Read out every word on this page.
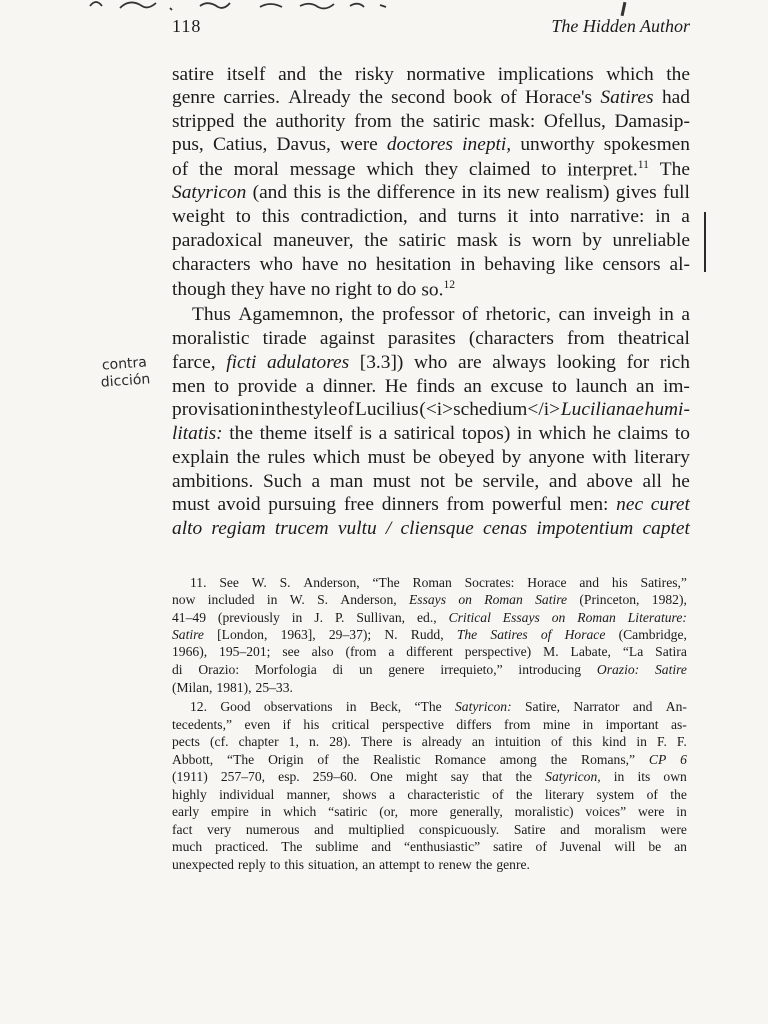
118	The Hidden Author
contra
dicción
satire itself and the risky normative implications which the
genre carries. Already the second book of Horace's Satires had
stripped the authority from the satiric mask: Ofellus, Damasip-
pus, Catius, Davus, were doctores inepti, unworthy spokesmen
of the moral message which they claimed to interpret.$^{11}$ The
Satyricon (and this is the difference in its new realism) gives full
weight to this contradiction, and turns it into narrative: in a
paradoxical maneuver, the satiric mask is worn by unreliable
characters who have no hesitation in behaving like censors al-
though they have no right to do so.$^{12}$
Thus Agamemnon, the professor of rhetoric, can inveigh in a
moralistic tirade against parasites (characters from theatrical
farce, ficti adulatores [3.3]) who are always looking for rich
men to provide a dinner. He finds an excuse to launch an im-
provisation in the style of Lucilius (<i>schedium</i> Lucilianae humi-
litatis: the theme itself is a satirical topos) in which he claims to
explain the rules which must be obeyed by anyone with literary
ambitions. Such a man must not be servile, and above all he
must avoid pursuing free dinners from powerful men: nec curet
alto regiam trucem vultu / cliensque cenas impotentium captet
11. See W. S. Anderson, “The Roman Socrates: Horace and his Satires,”
now included in W. S. Anderson, Essays on Roman Satire (Princeton, 1982),
41–49 (previously in J. P. Sullivan, ed., Critical Essays on Roman Literature:
Satire [London, 1963], 29–37); N. Rudd, The Satires of Horace (Cambridge,
1966), 195–201; see also (from a different perspective) M. Labate, “La Satira
di Orazio: Morfologia di un genere irrequieto,” introducing Orazio: Satire
(Milan, 1981), 25–33.
12. Good observations in Beck, “The Satyricon: Satire, Narrator and An-
tecedents,” even if his critical perspective differs from mine in important as-
pects (cf. chapter 1, n. 28). There is already an intuition of this kind in F. F.
Abbott, “The Origin of the Realistic Romance among the Romans,” CP 6
(1911) 257–70, esp. 259–60. One might say that the Satyricon, in its own
highly individual manner, shows a characteristic of the literary system of the
early empire in which “satiric (or, more generally, moralistic) voices” were in
fact very numerous and multiplied conspicuously. Satire and moralism were
much practiced. The sublime and “enthusiastic” satire of Juvenal will be an
unexpected reply to this situation, an attempt to renew the genre.
